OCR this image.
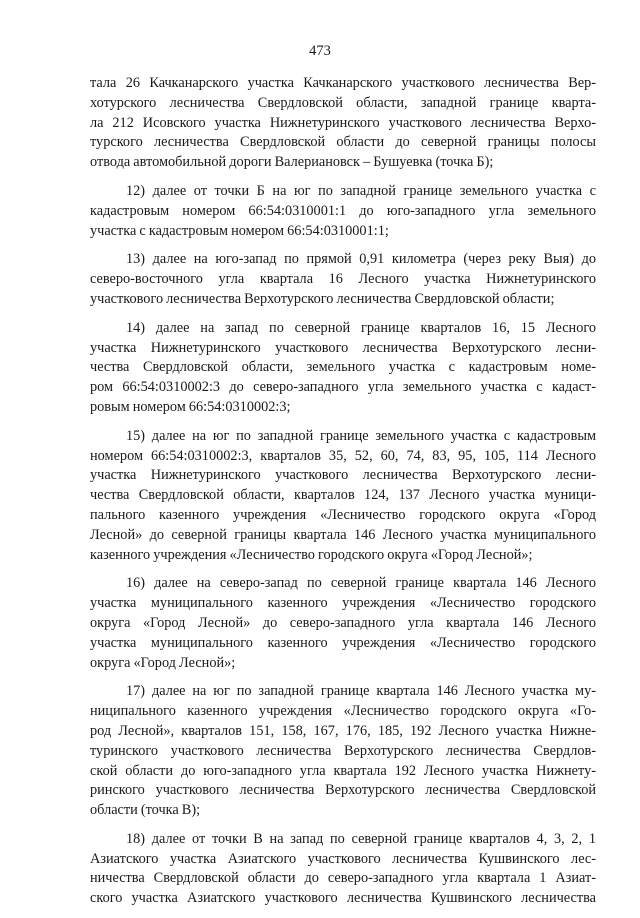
473
тала 26 Качканарского участка Качканарского участкового лесничества Вер-
хотурского лесничества Свердловской области, западной границе кварта-
ла 212 Исовского участка Нижнетуринского участкового лесничества Верхо-
турского лесничества Свердловской области до северной границы полосы
отвода автомобильной дороги Валериановск – Бушуевка (точка Б);
12) далее от точки Б на юг по западной границе земельного участка с
кадастровым номером 66:54:0310001:1 до юго-западного угла земельного
участка с кадастровым номером 66:54:0310001:1;
13) далее на юго-запад по прямой 0,91 километра (через реку Выя) до
северо-восточного угла квартала 16 Лесного участка Нижнетуринского
участкового лесничества Верхотурского лесничества Свердловской области;
14) далее на запад по северной границе кварталов 16, 15 Лесного
участка Нижнетуринского участкового лесничества Верхотурского лесни-
чества Свердловской области, земельного участка с кадастровым номе-
ром 66:54:0310002:3 до северо-западного угла земельного участка с кадаст-
ровым номером 66:54:0310002:3;
15) далее на юг по западной границе земельного участка с кадастровым
номером 66:54:0310002:3, кварталов 35, 52, 60, 74, 83, 95, 105, 114 Лесного
участка Нижнетуринского участкового лесничества Верхотурского лесни-
чества Свердловской области, кварталов 124, 137 Лесного участка муници-
пального казенного учреждения «Лесничество городского округа «Город
Лесной» до северной границы квартала 146 Лесного участка муниципального
казенного учреждения «Лесничество городского округа «Город Лесной»;
16) далее на северо-запад по северной границе квартала 146 Лесного
участка муниципального казенного учреждения «Лесничество городского
округа «Город Лесной» до северо-западного угла квартала 146 Лесного
участка муниципального казенного учреждения «Лесничество городского
округа «Город Лесной»;
17) далее на юг по западной границе квартала 146 Лесного участка му-
ниципального казенного учреждения «Лесничество городского округа «Го-
род Лесной», кварталов 151, 158, 167, 176, 185, 192 Лесного участка Нижне-
туринского участкового лесничества Верхотурского лесничества Свердлов-
ской области до юго-западного угла квартала 192 Лесного участка Нижнету-
ринского участкового лесничества Верхотурского лесничества Свердловской
области (точка В);
18) далее от точки В на запад по северной границе кварталов 4, 3, 2, 1
Азиатского участка Азиатского участкового лесничества Кушвинского лес-
ничества Свердловской области до северо-западного угла квартала 1 Азиат-
ского участка Азиатского участкового лесничества Кушвинского лесничества
